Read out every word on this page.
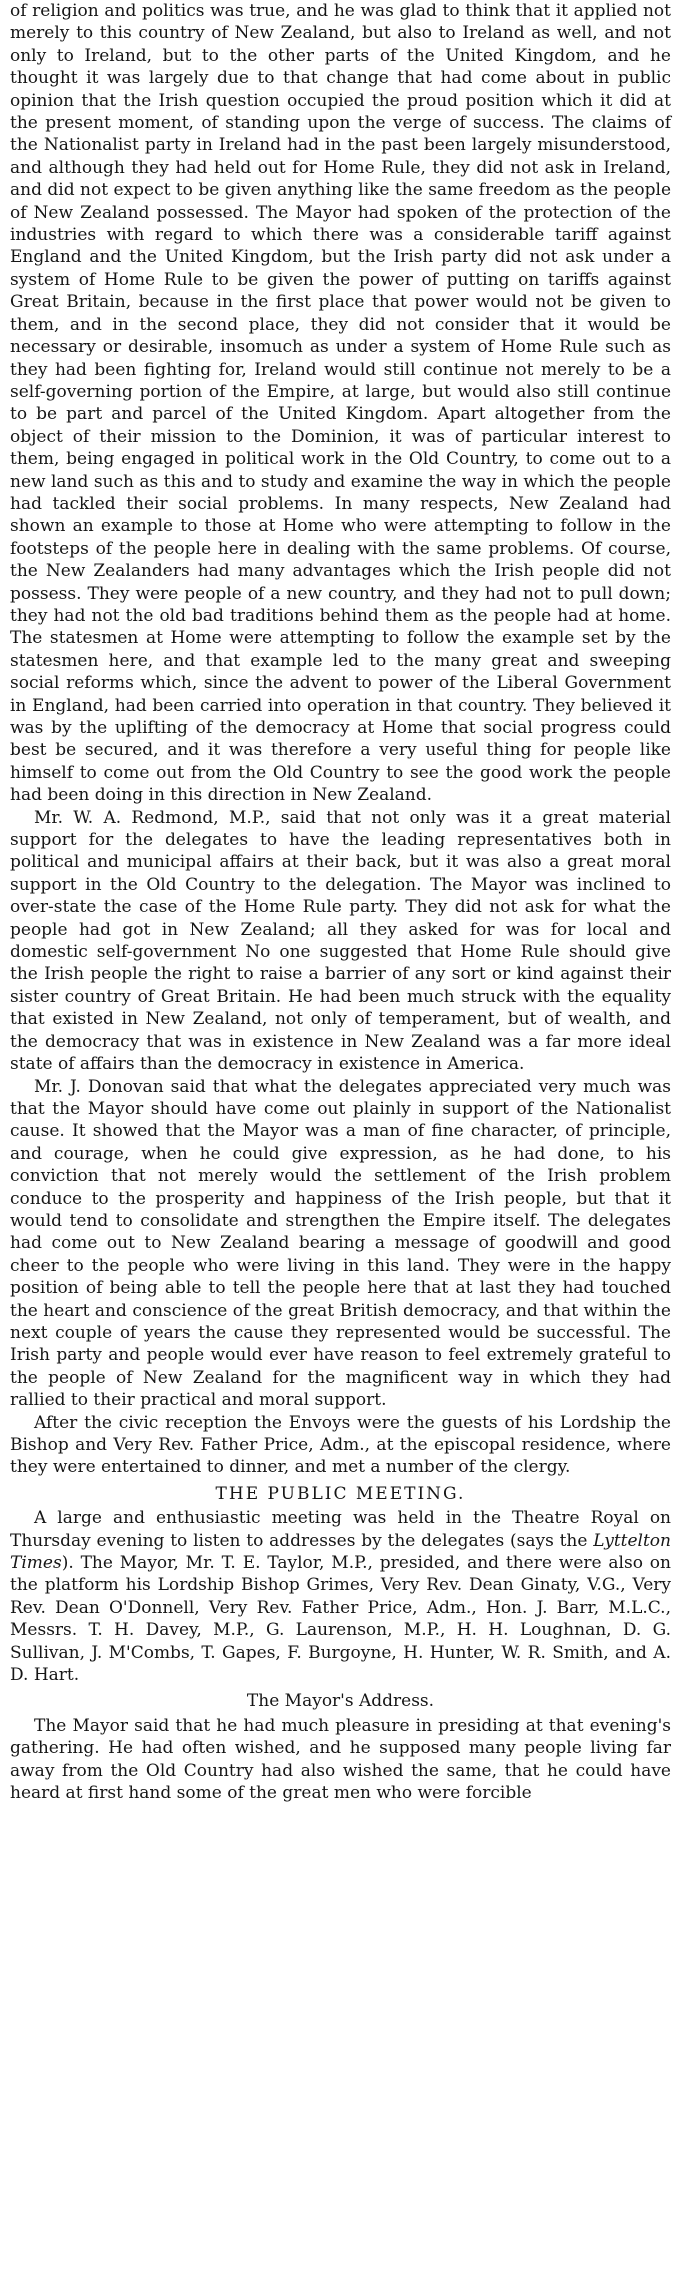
of religion and politics was true, and he was glad to think that it applied not merely to this country of New Zealand, but also to Ireland as well, and not only to Ireland, but to the other parts of the United Kingdom, and he thought it was largely due to that change that had come about in public opinion that the Irish question occupied the proud position which it did at the present moment, of standing upon the verge of success. The claims of the Nationalist party in Ireland had in the past been largely misunderstood, and although they had held out for Home Rule, they did not ask in Ireland, and did not expect to be given anything like the same freedom as the people of New Zealand possessed. The Mayor had spoken of the protection of the industries with regard to which there was a considerable tariff against England and the United Kingdom, but the Irish party did not ask under a system of Home Rule to be given the power of putting on tariffs against Great Britain, because in the first place that power would not be given to them, and in the second place, they did not consider that it would be necessary or desirable, insomuch as under a system of Home Rule such as they had been fighting for, Ireland would still continue not merely to be a self-governing portion of the Empire, at large, but would also still continue to be part and parcel of the United Kingdom. Apart altogether from the object of their mission to the Dominion, it was of particular interest to them, being engaged in political work in the Old Country, to come out to a new land such as this and to study and examine the way in which the people had tackled their social problems. In many respects, New Zealand had shown an example to those at Home who were attempting to follow in the footsteps of the people here in dealing with the same problems. Of course, the New Zealanders had many advantages which the Irish people did not possess. They were people of a new country, and they had not to pull down; they had not the old bad traditions behind them as the people had at home. The statesmen at Home were attempting to follow the example set by the statesmen here, and that example led to the many great and sweeping social reforms which, since the advent to power of the Liberal Government in England, had been carried into operation in that country. They believed it was by the uplifting of the democracy at Home that social progress could best be secured, and it was therefore a very useful thing for people like himself to come out from the Old Country to see the good work the people had been doing in this direction in New Zealand.

Mr. W. A. Redmond, M.P., said that not only was it a great material support for the delegates to have the leading representatives both in political and municipal affairs at their back, but it was also a great moral support in the Old Country to the delegation. The Mayor was inclined to over-state the case of the Home Rule party. They did not ask for what the people had got in New Zealand; all they asked for was for local and domestic self-government No one suggested that Home Rule should give the Irish people the right to raise a barrier of any sort or kind against their sister country of Great Britain. He had been much struck with the equality that existed in New Zealand, not only of temperament, but of wealth, and the democracy that was in existence in New Zealand was a far more ideal state of affairs than the democracy in existence in America.

Mr. J. Donovan said that what the delegates appreciated very much was that the Mayor should have come out plainly in support of the Nationalist cause. It showed that the Mayor was a man of fine character, of principle, and courage, when he could give expression, as he had done, to his conviction that not merely would the settlement of the Irish problem conduce to the prosperity and happiness of the Irish people, but that it would tend to consolidate and strengthen the Empire itself. The delegates had come out to New Zealand bearing a message of goodwill and good cheer to the people who were living in this land. They were in the happy position of being able to tell the people here that at last they had touched the heart and conscience of the great British democracy, and that within the next couple of years the cause they represented would be successful. The Irish party and people would ever have reason to feel extremely grateful to the people of New Zealand for the magnificent way in which they had rallied to their practical and moral support.

After the civic reception the Envoys were the guests of his Lordship the Bishop and Very Rev. Father Price, Adm., at the episcopal residence, where they were entertained to dinner, and met a number of the clergy.

THE PUBLIC MEETING.

A large and enthusiastic meeting was held in the Theatre Royal on Thursday evening to listen to addresses by the delegates (says the Lyttelton Times). The Mayor, Mr. T. E. Taylor, M.P., presided, and there were also on the platform his Lordship Bishop Grimes, Very Rev. Dean Ginaty, V.G., Very Rev. Dean O'Donnell, Very Rev. Father Price, Adm., Hon. J. Barr, M.L.C., Messrs. T. H. Davey, M.P., G. Laurenson, M.P., H. H. Loughnan, D. G. Sullivan, J. M'Combs, T. Gapes, F. Burgoyne, H. Hunter, W. R. Smith, and A. D. Hart.

The Mayor's Address.

The Mayor said that he had much pleasure in presiding at that evening's gathering. He had often wished, and he supposed many people living far away from the Old Country had also wished the same, that he could have heard at first hand some of the great men who were forcible
